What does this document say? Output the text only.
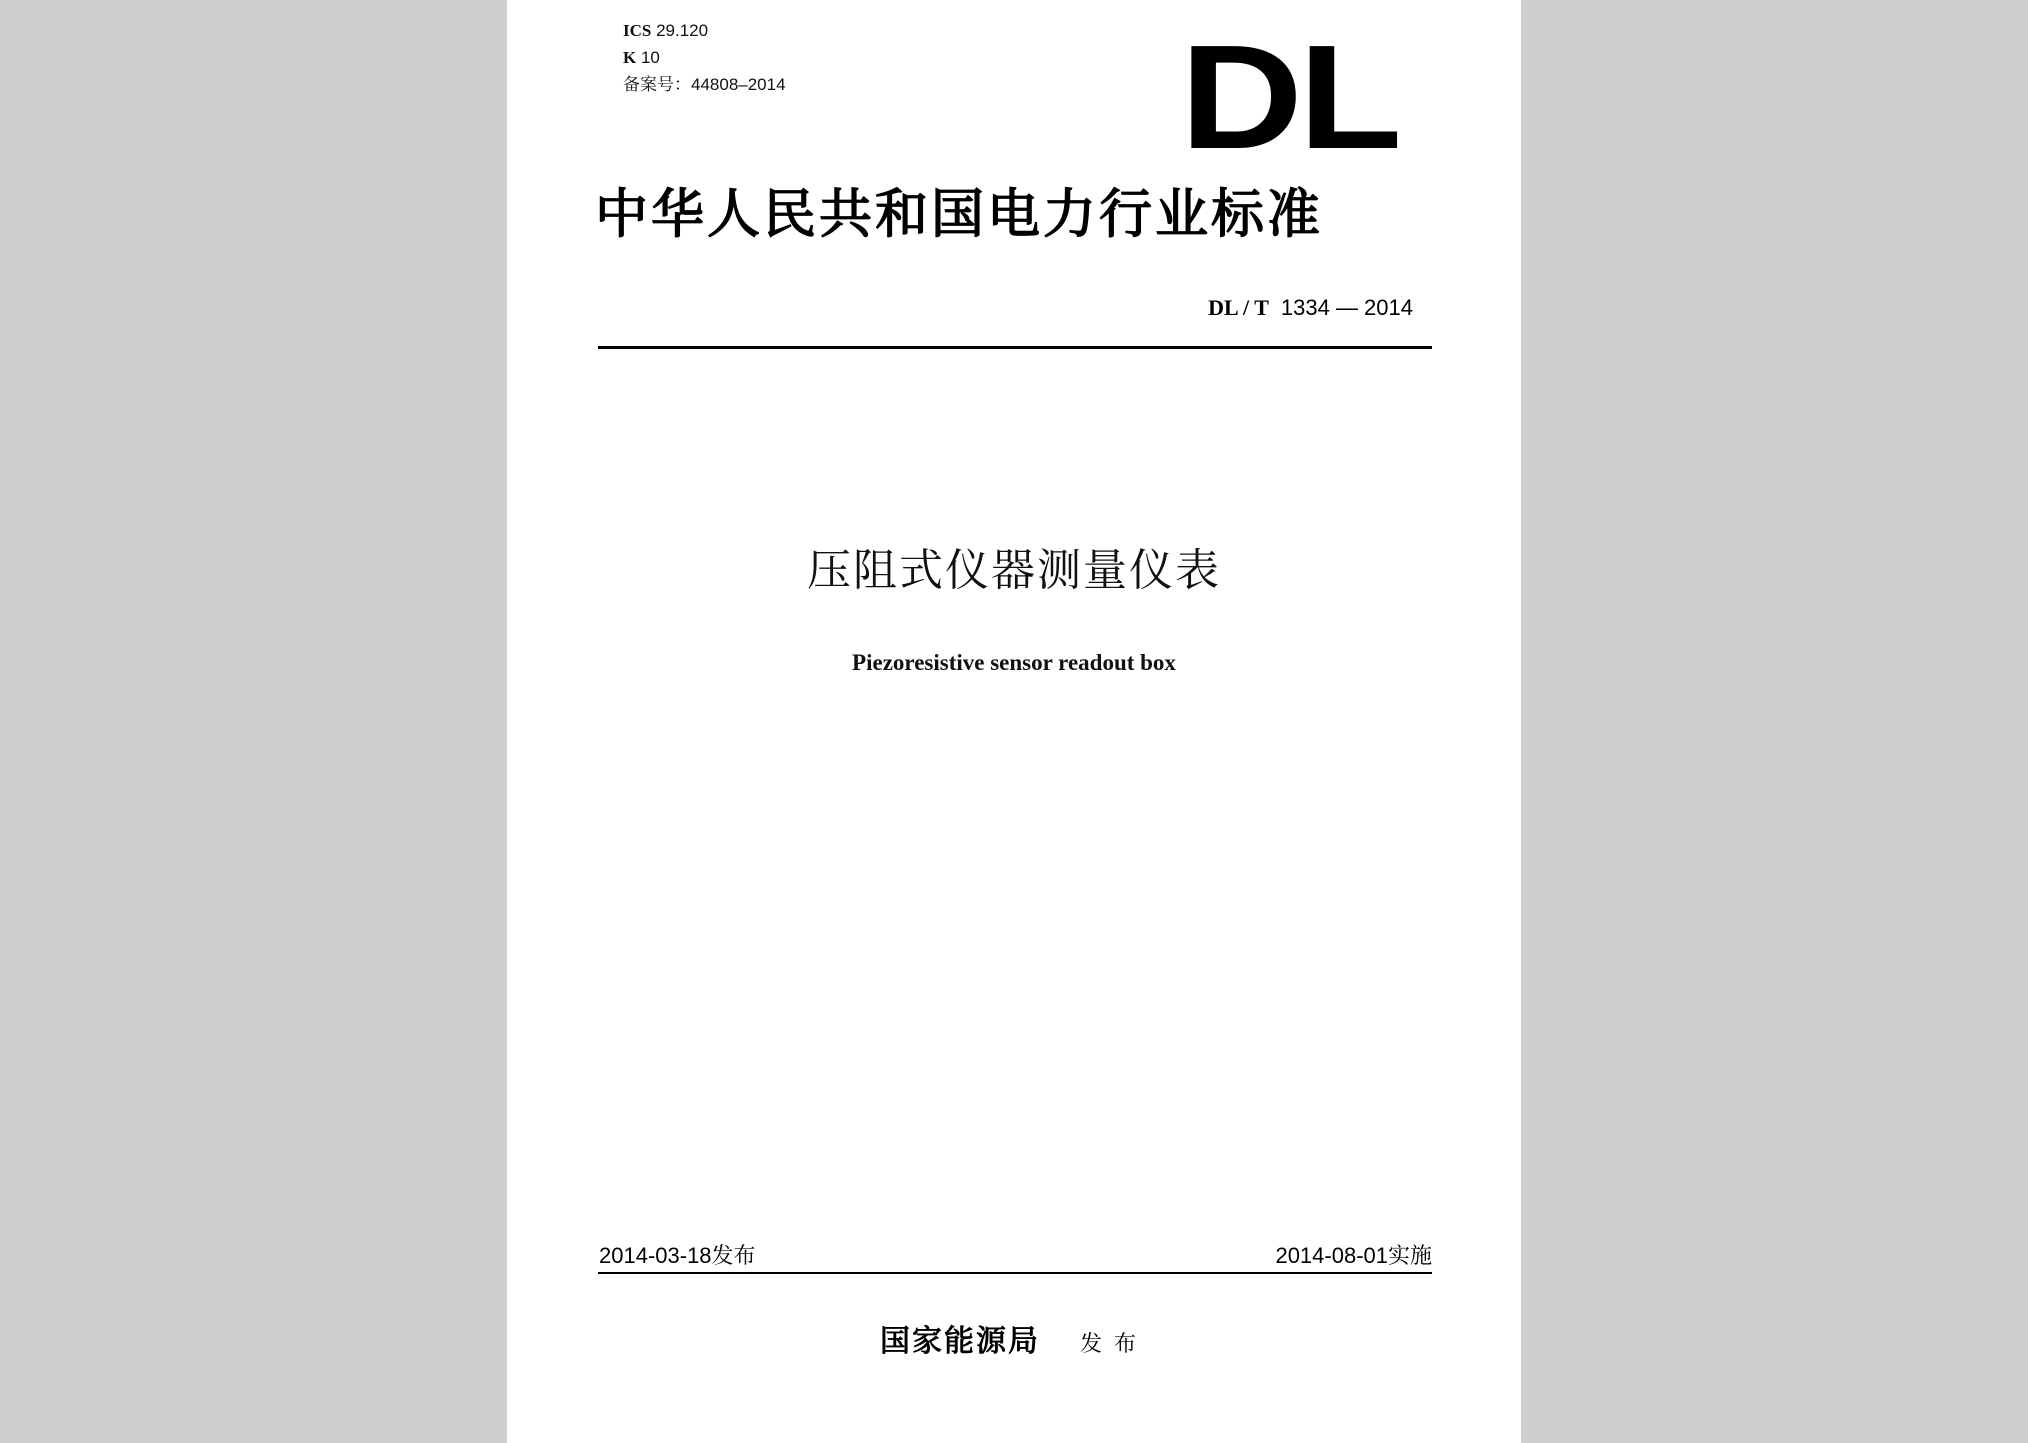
ICS 29.120
K 10
备案号：44808–2014	DL
中华人民共和国电力行业标准
DL / T 1334 — 2014
压阻式仪器测量仪表
Piezoresistive sensor readout box
2014-03-18发布	2014-08-01实施
国家能源局 发布
